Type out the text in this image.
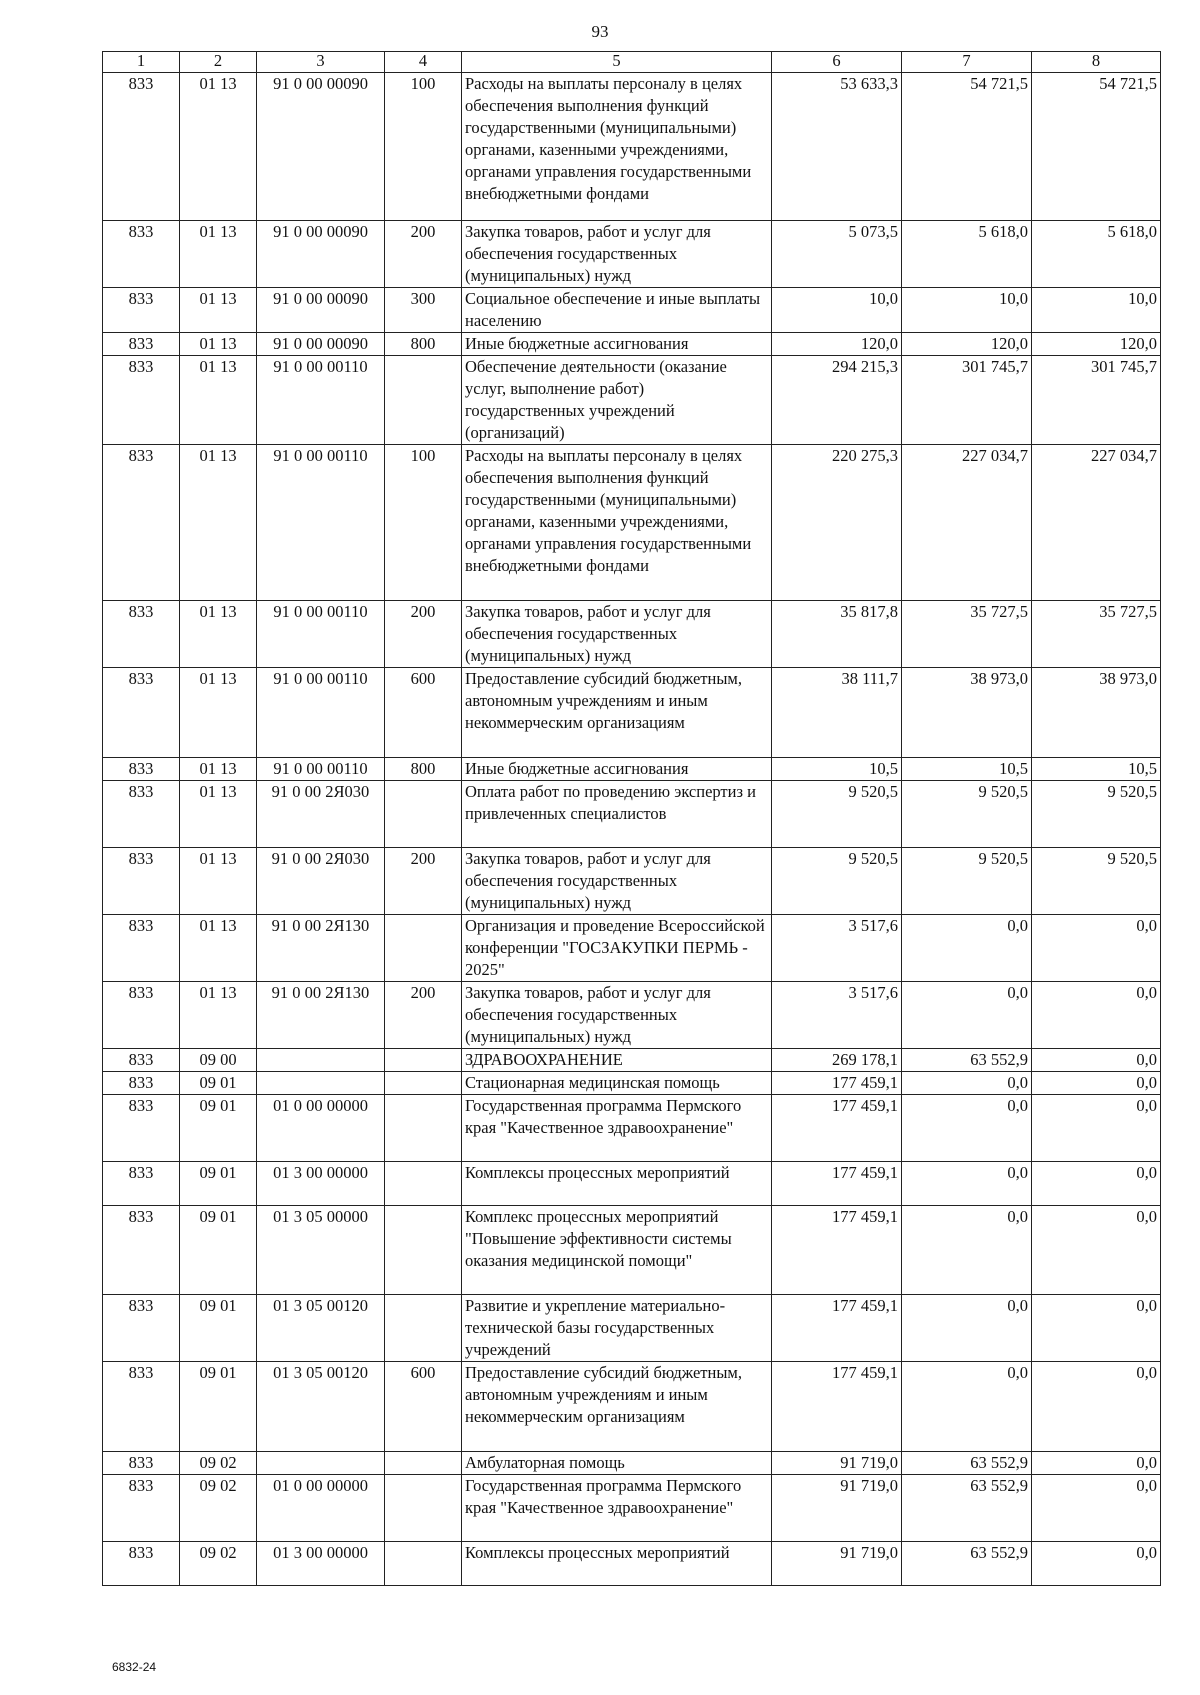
93
1	2	3	4	5	6	7	8
833	01 13	91 0 00 00090	100	Расходы на выплаты персоналу в целях обеспечения выполнения функций государственными (муниципальными) органами, казенными учреждениями, органами управления государственными внебюджетными фондами	53 633,3	54 721,5	54 721,5
833	01 13	91 0 00 00090	200	Закупка товаров, работ и услуг для обеспечения государственных (муниципальных) нужд	5 073,5	5 618,0	5 618,0
833	01 13	91 0 00 00090	300	Социальное обеспечение и иные выплаты населению	10,0	10,0	10,0
833	01 13	91 0 00 00090	800	Иные бюджетные ассигнования	120,0	120,0	120,0
833	01 13	91 0 00 00110		Обеспечение деятельности (оказание услуг, выполнение работ) государственных учреждений (организаций)	294 215,3	301 745,7	301 745,7
833	01 13	91 0 00 00110	100	Расходы на выплаты персоналу в целях обеспечения выполнения функций государственными (муниципальными) органами, казенными учреждениями, органами управления государственными внебюджетными фондами	220 275,3	227 034,7	227 034,7
833	01 13	91 0 00 00110	200	Закупка товаров, работ и услуг для обеспечения государственных (муниципальных) нужд	35 817,8	35 727,5	35 727,5
833	01 13	91 0 00 00110	600	Предоставление субсидий бюджетным, автономным учреждениям и иным некоммерческим организациям	38 111,7	38 973,0	38 973,0
833	01 13	91 0 00 00110	800	Иные бюджетные ассигнования	10,5	10,5	10,5
833	01 13	91 0 00 2Я030		Оплата работ по проведению экспертиз и привлеченных специалистов	9 520,5	9 520,5	9 520,5
833	01 13	91 0 00 2Я030	200	Закупка товаров, работ и услуг для обеспечения государственных (муниципальных) нужд	9 520,5	9 520,5	9 520,5
833	01 13	91 0 00 2Я130		Организация и проведение Всероссийской конференции "ГОСЗАКУПКИ ПЕРМЬ - 2025"	3 517,6	0,0	0,0
833	01 13	91 0 00 2Я130	200	Закупка товаров, работ и услуг для обеспечения государственных (муниципальных) нужд	3 517,6	0,0	0,0
833	09 00			ЗДРАВООХРАНЕНИЕ	269 178,1	63 552,9	0,0
833	09 01			Стационарная медицинская помощь	177 459,1	0,0	0,0
833	09 01	01 0 00 00000		Государственная программа Пермского края "Качественное здравоохранение"	177 459,1	0,0	0,0
833	09 01	01 3 00 00000		Комплексы процессных мероприятий	177 459,1	0,0	0,0
833	09 01	01 3 05 00000		Комплекс процессных мероприятий "Повышение эффективности системы оказания медицинской помощи"	177 459,1	0,0	0,0
833	09 01	01 3 05 00120		Развитие и укрепление материально-технической базы государственных учреждений	177 459,1	0,0	0,0
833	09 01	01 3 05 00120	600	Предоставление субсидий бюджетным, автономным учреждениям и иным некоммерческим организациям	177 459,1	0,0	0,0
833	09 02			Амбулаторная помощь	91 719,0	63 552,9	0,0
833	09 02	01 0 00 00000		Государственная программа Пермского края "Качественное здравоохранение"	91 719,0	63 552,9	0,0
833	09 02	01 3 00 00000		Комплексы процессных мероприятий	91 719,0	63 552,9	0,0
6832-24
